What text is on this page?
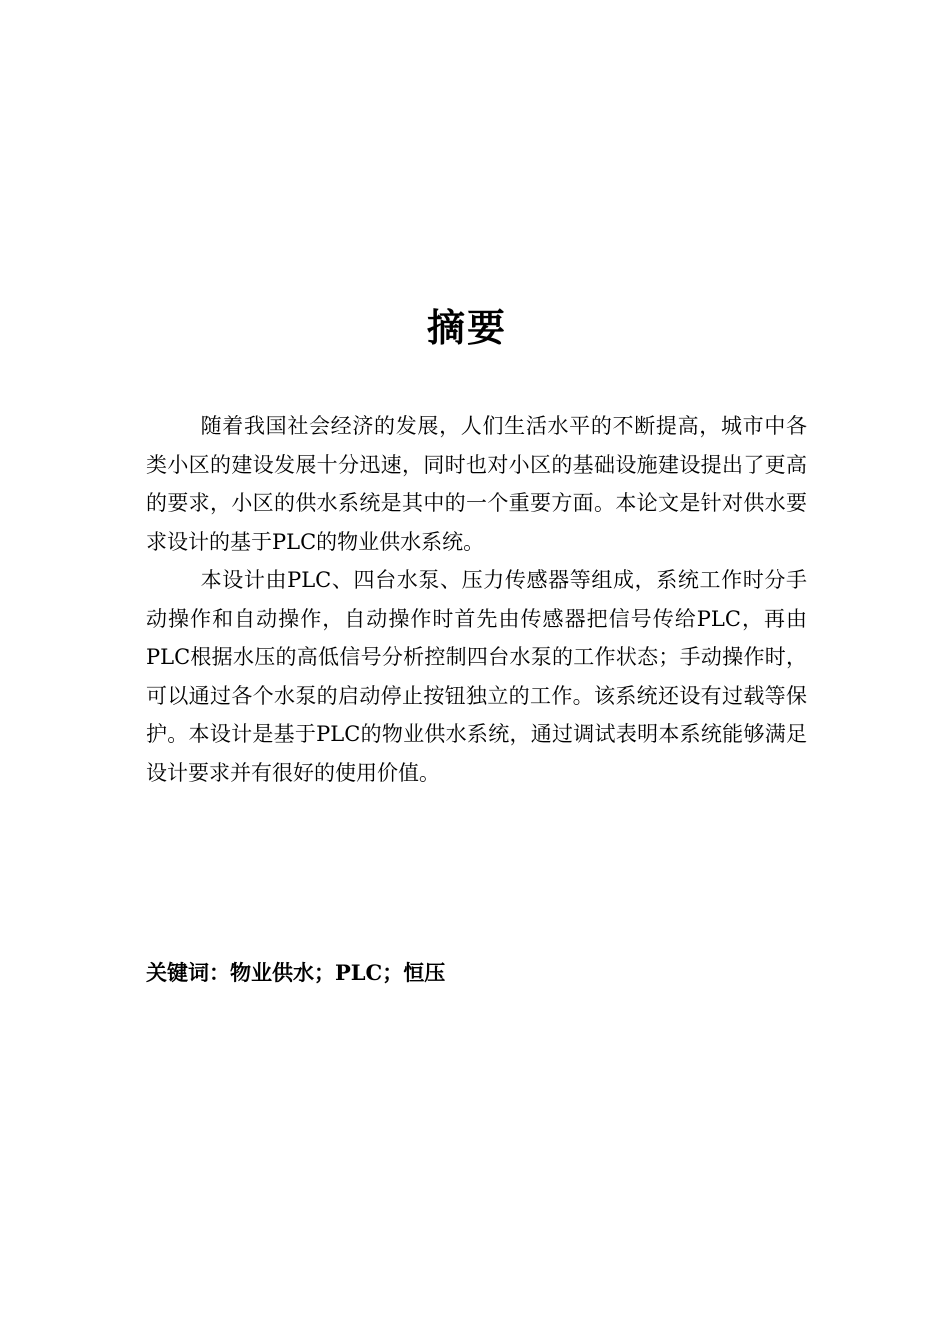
摘要

随着我国社会经济的发展，人们生活水平的不断提高，城市中各类小区的建设发展十分迅速，同时也对小区的基础设施建设提出了更高的要求，小区的供水系统是其中的一个重要方面。本论文是针对供水要求设计的基于PLC的物业供水系统。

本设计由PLC、四台水泵、压力传感器等组成，系统工作时分手动操作和自动操作，自动操作时首先由传感器把信号传给PLC，再由PLC根据水压的高低信号分析控制四台水泵的工作状态；手动操作时，可以通过各个水泵的启动停止按钮独立的工作。该系统还设有过载等保护。本设计是基于PLC的物业供水系统，通过调试表明本系统能够满足设计要求并有很好的使用价值。

关键词：物业供水；PLC；恒压
